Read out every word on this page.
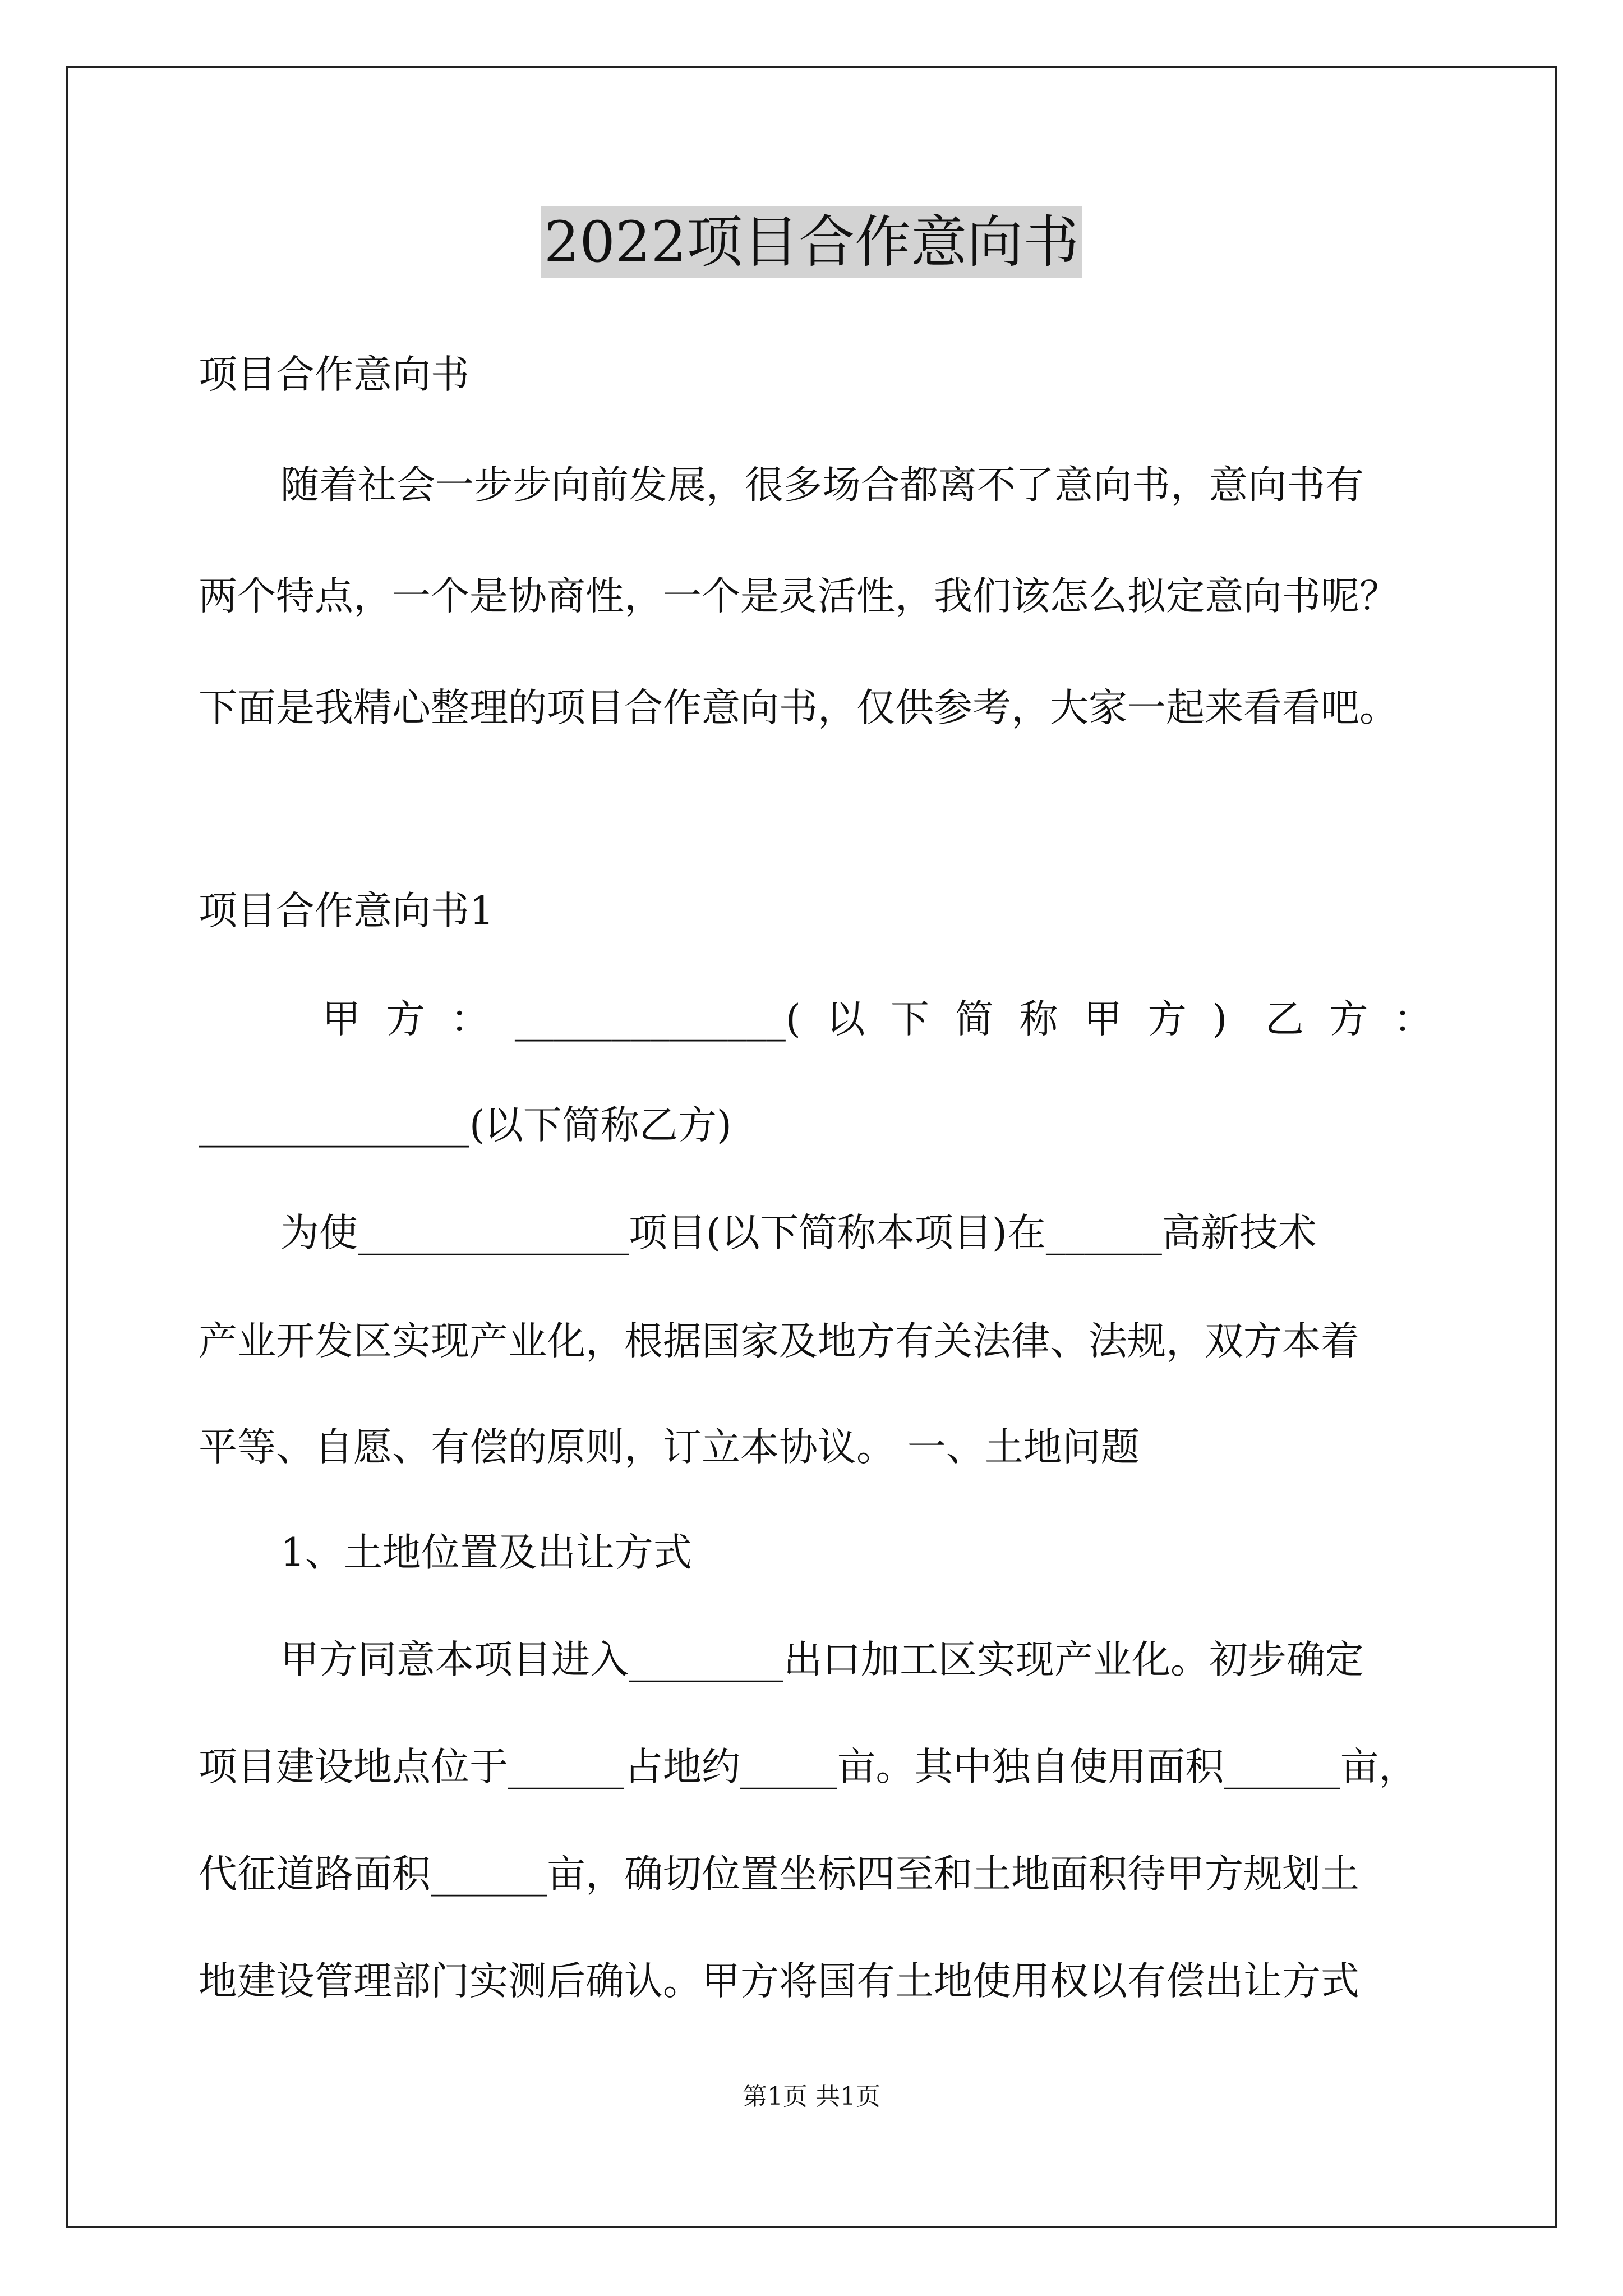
2022项目合作意向书
项目合作意向书
随着社会一步步向前发展，很多场合都离不了意向书，意向书有
两个特点，一个是协商性，一个是灵活性，我们该怎么拟定意向书呢？
下面是我精心整理的项目合作意向书，仅供参考，大家一起来看看吧。
项目合作意向书1
甲方：______________(以下简称甲方) 乙方：
______________(以下简称乙方)
为使______________项目(以下简称本项目)在______高新技术
产业开发区实现产业化，根据国家及地方有关法律、法规，双方本着
平等、自愿、有偿的原则，订立本协议。 一、土地问题
1、土地位置及出让方式
甲方同意本项目进入________出口加工区实现产业化。初步确定
项目建设地点位于______占地约_____亩。其中独自使用面积______亩，
代征道路面积______亩，确切位置坐标四至和土地面积待甲方规划土
地建设管理部门实测后确认。甲方将国有土地使用权以有偿出让方式
第1页 共1页
